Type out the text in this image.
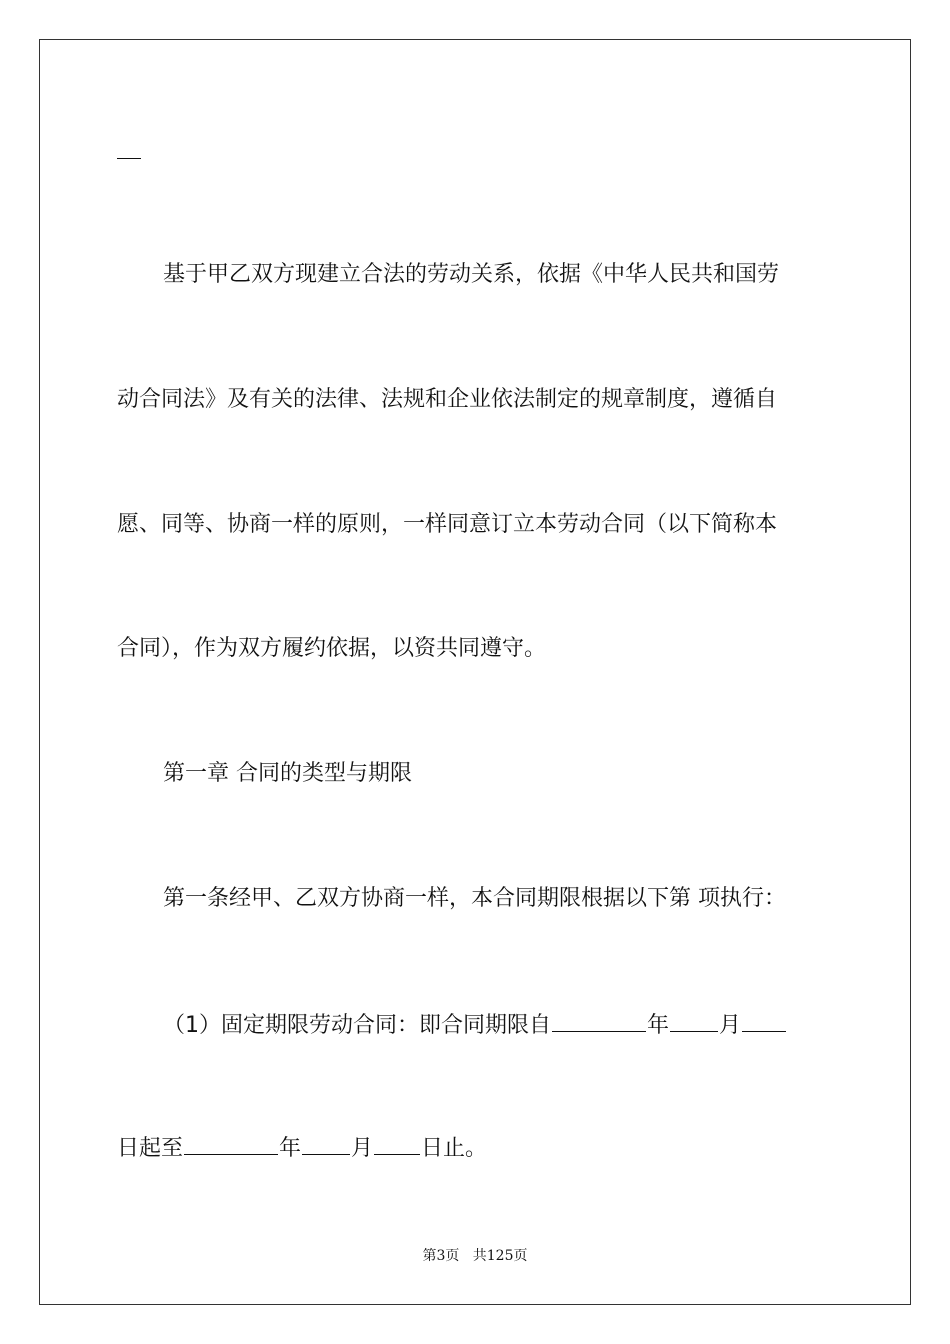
基于甲乙双方现建立合法的劳动关系，依据《中华人民共和国劳
动合同法》及有关的法律、法规和企业依法制定的规章制度，遵循自
愿、同等、协商一样的原则，一样同意订立本劳动合同（以下简称本
合同），作为双方履约依据，以资共同遵守。
第一章 合同的类型与期限
第一条经甲、乙双方协商一样，本合同期限根据以下第 项执行：
（1）固定期限劳动合同：即合同期限自	年 月
日起至	年 月 日止。
第3页   共125页
